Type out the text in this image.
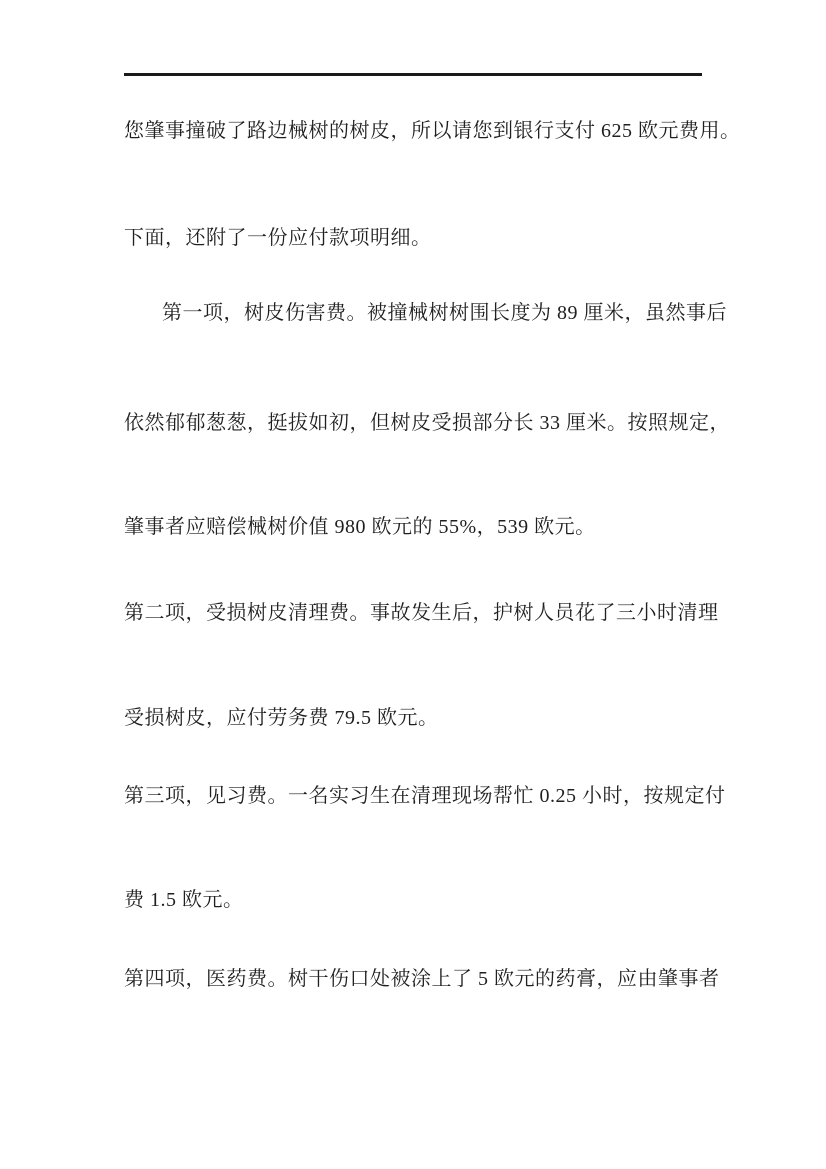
您肇事撞破了路边械树的树皮，所以请您到银行支付 625 欧元费用。
下面，还附了一份应付款项明细。
第一项，树皮伤害费。被撞械树树围长度为 89 厘米，虽然事后
依然郁郁葱葱，挺拔如初，但树皮受损部分长 33 厘米。按照规定，
肇事者应赔偿械树价值 980 欧元的 55%，539 欧元。
第二项，受损树皮清理费。事故发生后，护树人员花了三小时清理
受损树皮，应付劳务费 79.5 欧元。
第三项，见习费。一名实习生在清理现场帮忙 0.25 小时，按规定付
费 1.5 欧元。
第四项，医药费。树干伤口处被涂上了 5 欧元的药膏，应由肇事者
